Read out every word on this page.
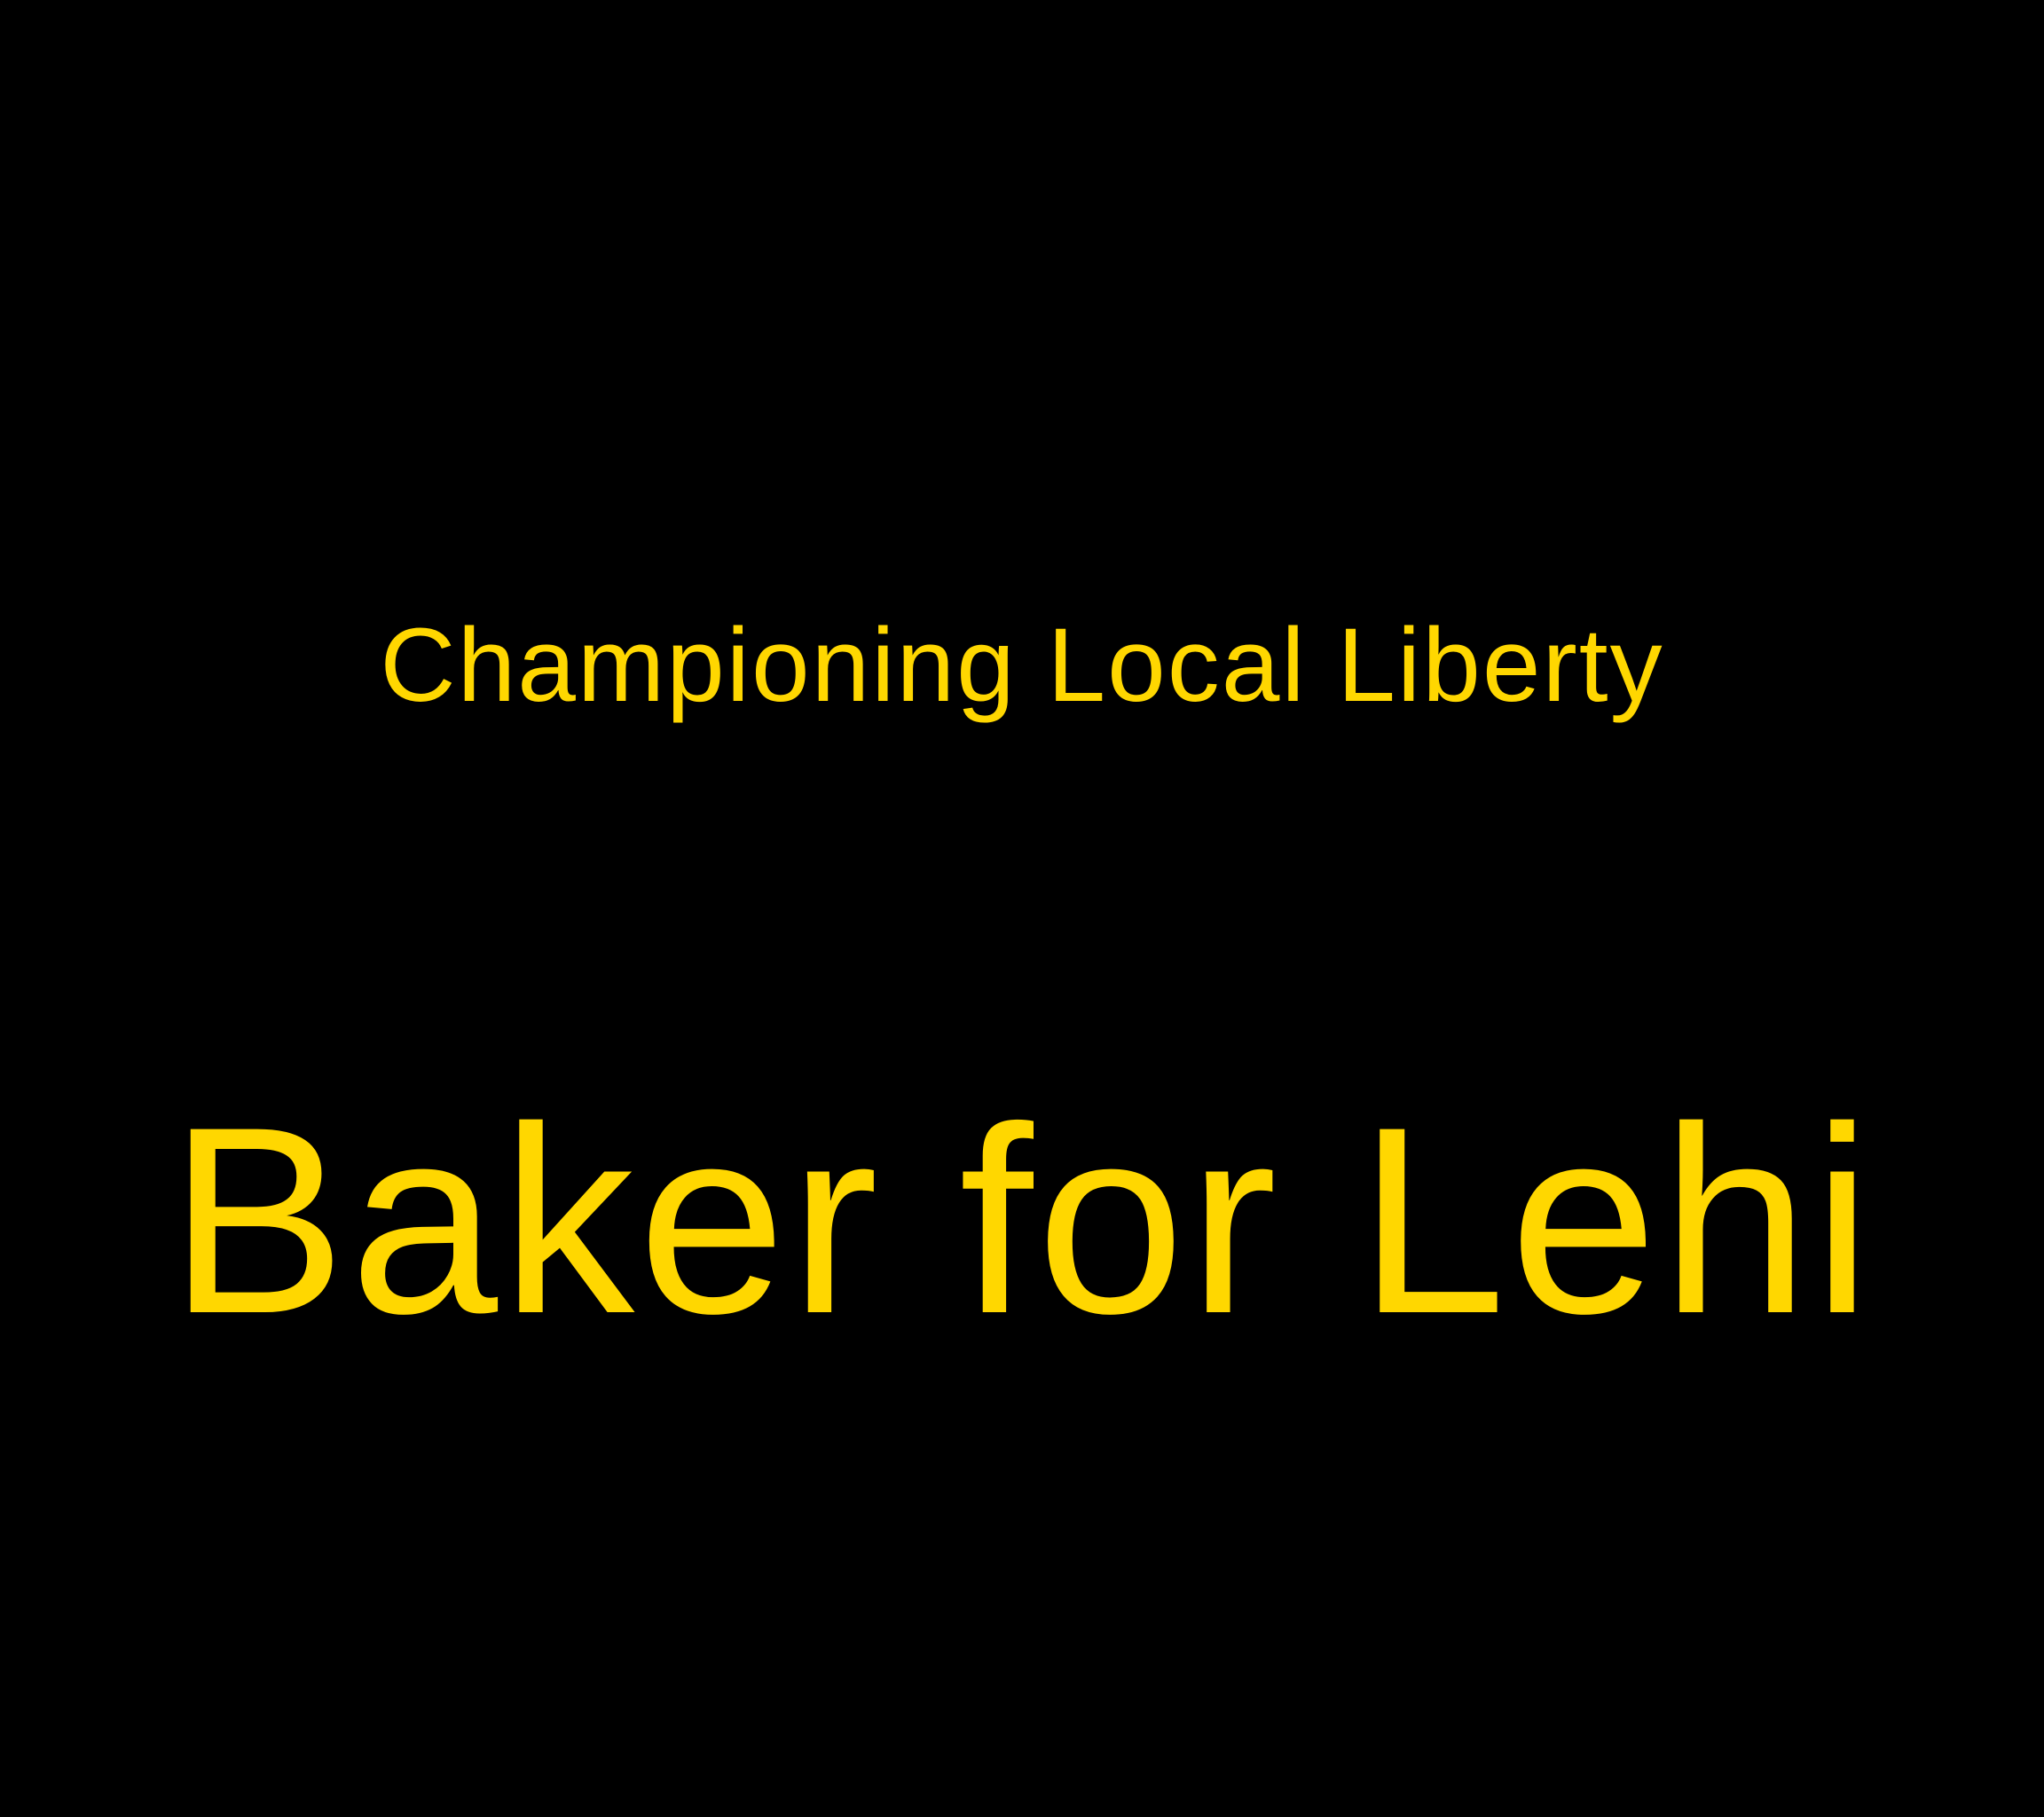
Championing Local Liberty
Baker for Lehi
